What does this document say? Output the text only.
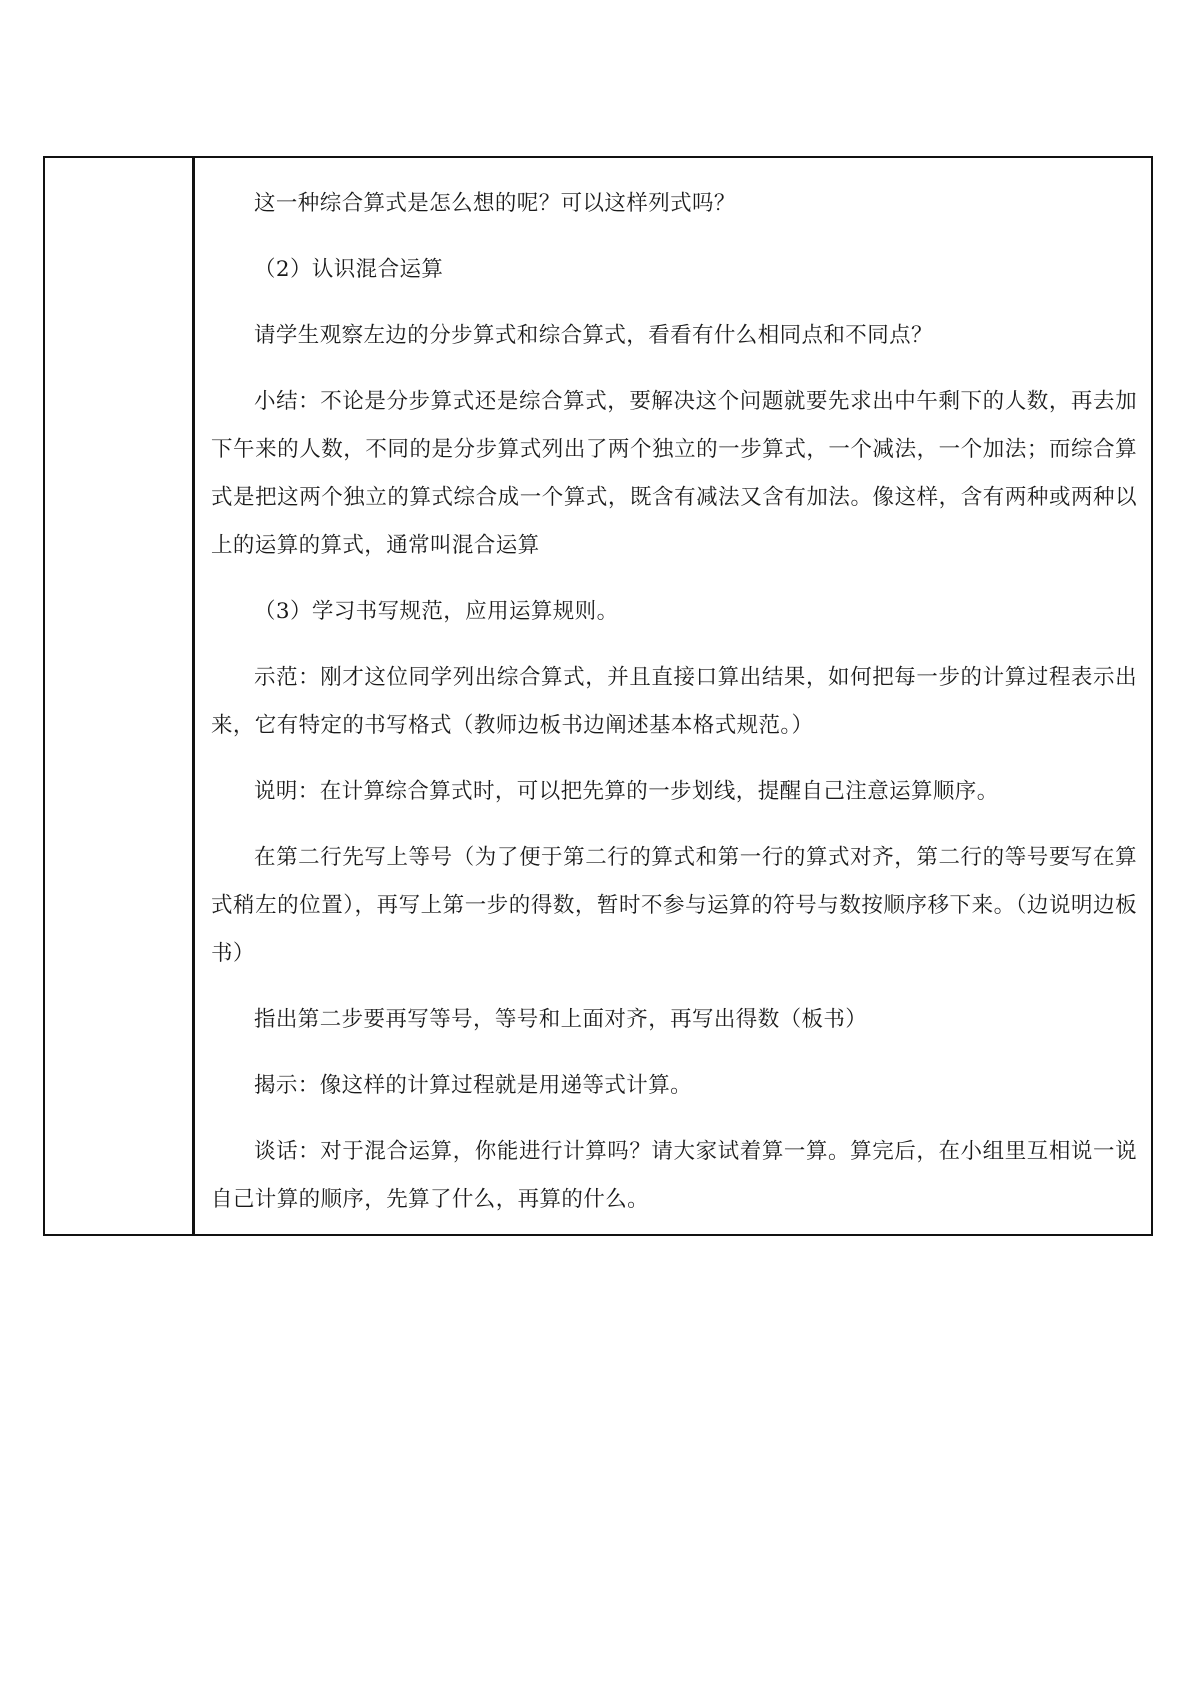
这一种综合算式是怎么想的呢？可以这样列式吗？

（2）认识混合运算

请学生观察左边的分步算式和综合算式，看看有什么相同点和不同点？

小结：不论是分步算式还是综合算式，要解决这个问题就要先求出中午剩下的人数，再去加下午来的人数，不同的是分步算式列出了两个独立的一步算式，一个减法，一个加法；而综合算式是把这两个独立的算式综合成一个算式，既含有减法又含有加法。像这样，含有两种或两种以上的运算的算式，通常叫混合运算

（3）学习书写规范，应用运算规则。

示范：刚才这位同学列出综合算式，并且直接口算出结果，如何把每一步的计算过程表示出来，它有特定的书写格式（教师边板书边阐述基本格式规范。）

说明：在计算综合算式时，可以把先算的一步划线，提醒自己注意运算顺序。

在第二行先写上等号（为了便于第二行的算式和第一行的算式对齐，第二行的等号要写在算式稍左的位置），再写上第一步的得数，暂时不参与运算的符号与数按顺序移下来。（边说明边板书）

指出第二步要再写等号，等号和上面对齐，再写出得数（板书）

揭示：像这样的计算过程就是用递等式计算。

谈话：对于混合运算，你能进行计算吗？请大家试着算一算。算完后，在小组里互相说一说自己计算的顺序，先算了什么，再算的什么。
